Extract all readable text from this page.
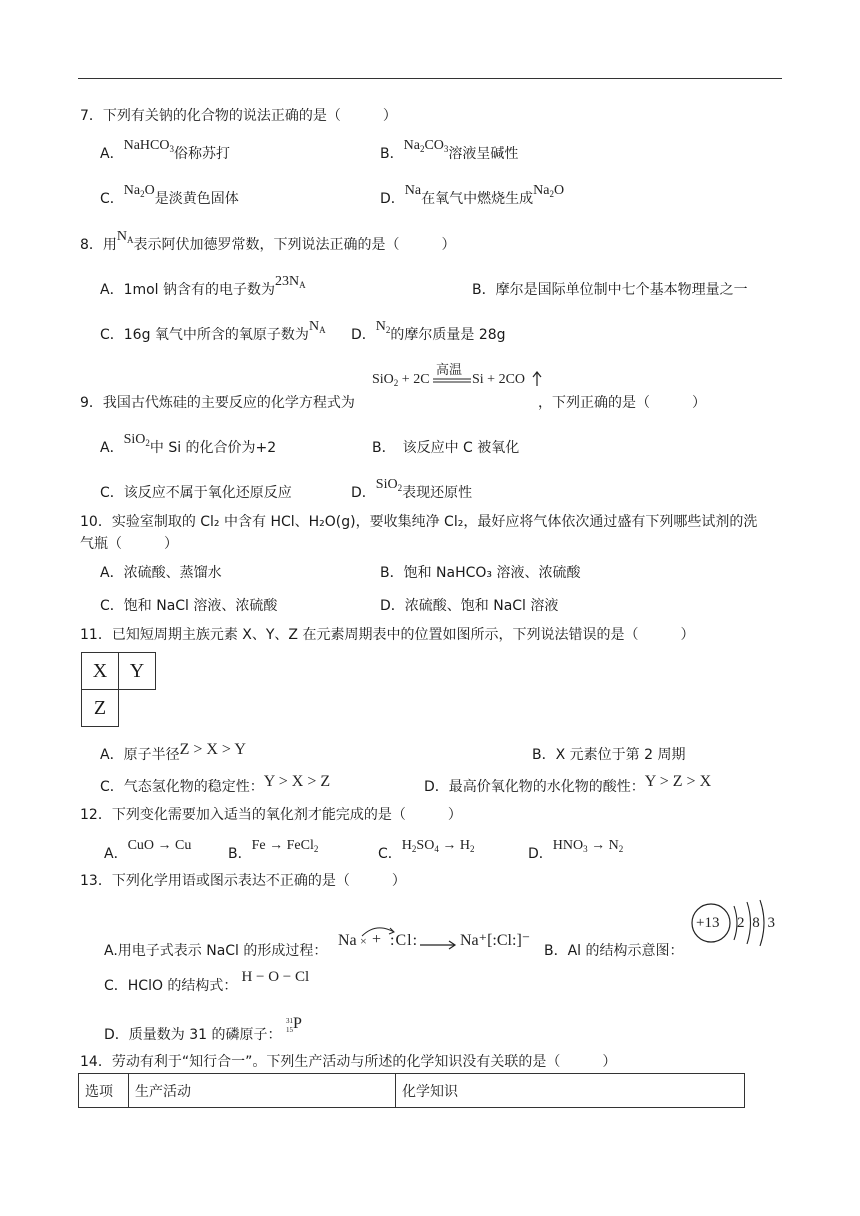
7．下列有关钠的化合物的说法正确的是（　　　）
A．NaHCO$_3$俗称苏打	B．$Na_2CO_3$溶液呈碱性
C．$Na_2O$是淡黄色固体	D．Na在氧气中燃烧生成$Na_2O$
8．用$N_A$表示阿伏加德罗常数，下列说法正确的是（　　　）
A．1mol 钠含有的电子数为$23N_A$	B．摩尔是国际单位制中七个基本物理量之一
C．16g 氧气中所含的氧原子数为$N_A$ D．$N_2$的摩尔质量是 28g
SiO$_2$ + 2C
高温
Si + 2CO
9．我国古代炼硅的主要反应的化学方程式为	，下列正确的是（　　　）
A．SiO$_2$中 Si 的化合价为+2	B．　该反应中 C 被氧化
C．该反应不属于氧化还原反应	D．SiO$_2$表现还原性
10．实验室制取的 Cl₂ 中含有 HCl、H₂O(g)，要收集纯净 Cl₂，最好应将气体依次通过盛有下列哪些试剂的洗
气瓶（　　　）
A．浓硫酸、蒸馏水	B．饱和 NaHCO₃ 溶液、浓硫酸
C．饱和 NaCl 溶液、浓硫酸	D．浓硫酸、饱和 NaCl 溶液
11．已知短周期主族元素 X、Y、Z 在元素周期表中的位置如图所示，下列说法错误的是（　　　）
X	Y
Z	
A．原子半径Z > X > Y	B．X 元素位于第 2 周期
C．气态氢化物的稳定性：Y > X > Z	D．最高价氧化物的水化物的酸性：Y > Z > X
12．下列变化需要加入适当的氧化剂才能完成的是（　　　）
A．CuO → Cu
B．Fe → FeCl$_2$	C．$H_2SO_4 \to H_2$	D．$HNO_3 \to N_2$
13．下列化学用语或图示表达不正确的是（　　　）
A.用电子式表示 NaCl 的形成过程：
Na × + :Cl:	Na⁺[:Cl:]⁻
B．Al 的结构示意图：
+13 2 8 3
C．HClO 的结构式：H − O − Cl
D．质量数为 31 的磷原子：
31
15 P
14．劳动有利于“知行合一”。下列生产活动与所述的化学知识没有关联的是（　　　）
选项	生产活动	化学知识
